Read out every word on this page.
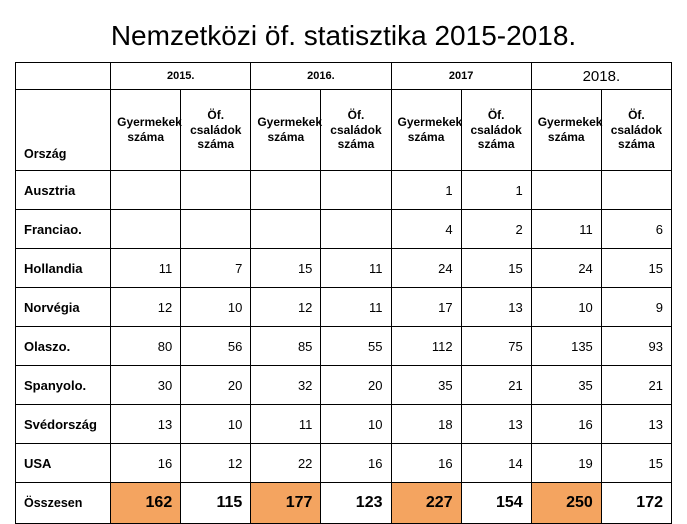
Nemzetközi öf. statisztika 2015-2018.
	2015.		2016.		2017		2018.	
Ország	Gyermekek száma	Öf. családok száma	Gyermekek száma	Öf. családok száma	Gyermekek száma	Öf. családok száma	Gyermekek száma	Öf. családok száma
Ausztria					1	1		
Franciao.					4	2	11	6
Hollandia	11	7	15	11	24	15	24	15
Norvégia	12	10	12	11	17	13	10	9
Olaszo.	80	56	85	55	112	75	135	93
Spanyolo.	30	20	32	20	35	21	35	21
Svédország	13	10	11	10	18	13	16	13
USA	16	12	22	16	16	14	19	15
Összesen	162	115	177	123	227	154	250	172
